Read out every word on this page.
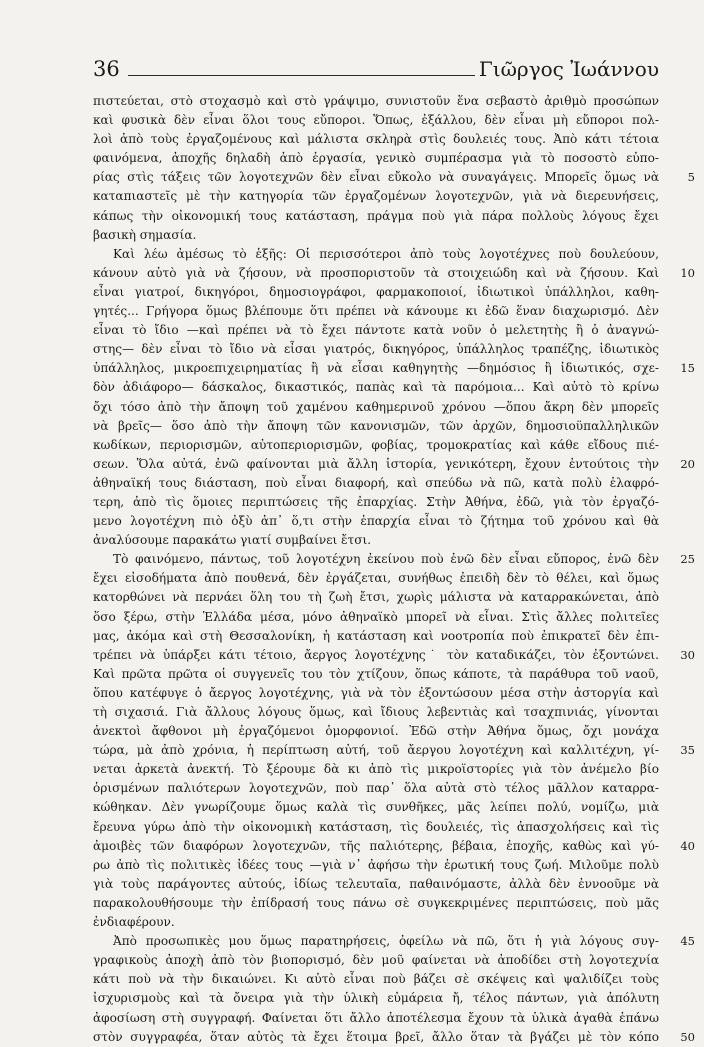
36	Γιῶργος Ἰωάννου
πιστεύεται, στὸ στοχασμὸ καὶ στὸ γράψιμο, συνιστοῦν ἕνα σεβαστὸ ἀριθμὸ προσώπων
καὶ φυσικὰ δὲν εἶναι ὅλοι τους εὔποροι. Ὅπως, ἐξάλλου, δὲν εἶναι μὴ εὔποροι πολ-
λοὶ ἀπὸ τοὺς ἐργαζομένους καὶ μάλιστα σκληρὰ στὶς δουλειές τους. Ἀπὸ κάτι τέτοια
φαινόμενα, ἀποχῆς δηλαδὴ ἀπὸ ἐργασία, γενικὸ συμπέρασμα γιὰ τὸ ποσοστὸ εὐπο-
ρίας στὶς τάξεις τῶν λογοτεχνῶν δὲν εἶναι εὔκολο νὰ συναγάγεις. Μπορεῖς ὅμως νὰ	5
καταπιαστεῖς μὲ τὴν κατηγορία τῶν ἐργαζομένων λογοτεχνῶν, γιὰ νὰ διερευνήσεις,
κάπως τὴν οἰκονομική τους κατάσταση, πράγμα ποὺ γιὰ πάρα πολλοὺς λόγους ἔχει
βασικὴ σημασία.
Καὶ λέω ἀμέσως τὸ ἑξῆς: Οἱ περισσότεροι ἀπὸ τοὺς λογοτέχνες ποὺ δουλεύουν,
κάνουν αὐτὸ γιὰ νὰ ζήσουν, νὰ προσποριστοῦν τὰ στοιχειώδη καὶ νὰ ζήσουν. Καὶ	10
εἶναι γιατροί, δικηγόροι, δημοσιογράφοι, φαρμακοποιοί, ἰδιωτικοὶ ὑπάλληλοι, καθη-
γητές... Γρήγορα ὅμως βλέπουμε ὅτι πρέπει νὰ κάνουμε κι ἐδῶ ἕναν διαχωρισμό. Δὲν
εἶναι τὸ ἴδιο —καὶ πρέπει νὰ τὸ ἔχει πάντοτε κατὰ νοῦν ὁ μελετητὴς ἢ ὁ ἀναγνώ-
στης— δὲν εἶναι τὸ ἴδιο νὰ εἶσαι γιατρός, δικηγόρος, ὑπάλληλος τραπέζης, ἰδιωτικὸς
ὑπάλληλος, μικροεπιχειρηματίας ἢ νὰ εἶσαι καθηγητὴς —δημόσιος ἢ ἰδιωτικός, σχε-	15
δὸν ἀδιάφορο— δάσκαλος, δικαστικός, παπὰς καὶ τὰ παρόμοια... Καὶ αὐτὸ τὸ κρίνω
ὄχι τόσο ἀπὸ τὴν ἄποψη τοῦ χαμένου καθημερινοῦ χρόνου —ὅπου ἄκρη δὲν μπορεῖς
νὰ βρεῖς— ὅσο ἀπὸ τὴν ἄποψη τῶν κανονισμῶν, τῶν ἀρχῶν, δημοσιοϋπαλληλικῶν
κωδίκων, περιορισμῶν, αὐτοπεριορισμῶν, φοβίας, τρομοκρατίας καὶ κάθε εἴδους πιέ-
σεων. Ὅλα αὐτά, ἐνῶ φαίνονται μιὰ ἄλλη ἱστορία, γενικότερη, ἔχουν ἐντούτοις τὴν	20
ἀθηναϊκή τους διάσταση, ποὺ εἶναι διαφορή, καὶ σπεύδω νὰ πῶ, κατὰ πολὺ ἐλαφρό-
τερη, ἀπὸ τὶς ὅμοιες περιπτώσεις τῆς ἐπαρχίας. Στὴν Ἀθήνα, ἐδῶ, γιὰ τὸν ἐργαζό-
μενο λογοτέχνη πιὸ ὀξὺ ἀπ᾽ ὅ,τι στὴν ἐπαρχία εἶναι τὸ ζήτημα τοῦ χρόνου καὶ θὰ
ἀναλύσουμε παρακάτω γιατί συμβαίνει ἔτσι.
Τὸ φαινόμενο, πάντως, τοῦ λογοτέχνη ἐκείνου ποὺ ἐνῶ δὲν εἶναι εὔπορος, ἐνῶ δὲν	25
ἔχει εἰσοδήματα ἀπὸ πουθενά, δὲν ἐργάζεται, συνήθως ἐπειδὴ δὲν τὸ θέλει, καὶ ὅμως
κατορθώνει νὰ περνάει ὅλη του τὴ ζωὴ ἔτσι, χωρὶς μάλιστα νὰ καταρρακώνεται, ἀπὸ
ὅσο ξέρω, στὴν Ἑλλάδα μέσα, μόνο ἀθηναϊκὸ μπορεῖ νὰ εἶναι. Στὶς ἄλλες πολιτεῖες
μας, ἀκόμα καὶ στὴ Θεσσαλονίκη, ἡ κατάσταση καὶ νοοτροπία ποὺ ἐπικρατεῖ δὲν ἐπι-
τρέπει νὰ ὑπάρξει κάτι τέτοιο, ἄεργος λογοτέχνης˙ τὸν καταδικάζει, τὸν ἐξοντώνει.	30
Καὶ πρῶτα πρῶτα οἱ συγγενεῖς του τὸν χτίζουν, ὅπως κάποτε, τὰ παράθυρα τοῦ ναοῦ,
ὅπου κατέφυγε ὁ ἄεργος λογοτέχνης, γιὰ νὰ τὸν ἐξοντώσουν μέσα στὴν ἀστοργία καὶ
τὴ σιχασιά. Γιὰ ἄλλους λόγους ὅμως, καὶ ἴδιους λεβεντιὰς καὶ τσαχπινιάς, γίνονται
ἀνεκτοὶ ἄφθονοι μὴ ἐργαζόμενοι ὁμορφονιοί. Ἐδῶ στὴν Ἀθήνα ὅμως, ὄχι μονάχα
τώρα, μὰ ἀπὸ χρόνια, ἡ περίπτωση αὐτή, τοῦ ἄεργου λογοτέχνη καὶ καλλιτέχνη, γί-	35
νεται ἀρκετὰ ἀνεκτή. Τὸ ξέρουμε δὰ κι ἀπὸ τὶς μικροϊστορίες γιὰ τὸν ἀνέμελο βίο
ὁρισμένων παλιότερων λογοτεχνῶν, ποὺ παρ᾽ ὅλα αὐτὰ στὸ τέλος μᾶλλον καταρρα-
κώθηκαν. Δὲν γνωρίζουμε ὅμως καλὰ τὶς συνθῆκες, μᾶς λείπει πολύ, νομίζω, μιὰ
ἔρευνα γύρω ἀπὸ τὴν οἰκονομικὴ κατάσταση, τὶς δουλειές, τὶς ἀπασχολήσεις καὶ τὶς
ἀμοιβὲς τῶν διαφόρων λογοτεχνῶν, τῆς παλιότερης, βέβαια, ἐποχῆς, καθὼς καὶ γύ-	40
ρω ἀπὸ τὶς πολιτικὲς ἰδέες τους —γιὰ ν᾽ ἀφήσω τὴν ἐρωτική τους ζωή. Μιλοῦμε πολὺ
γιὰ τοὺς παράγοντες αὐτούς, ἰδίως τελευταῖα, παθαινόμαστε, ἀλλὰ δὲν ἐννοοῦμε νὰ
παρακολουθήσουμε τὴν ἐπίδρασή τους πάνω σὲ συγκεκριμένες περιπτώσεις, ποὺ μᾶς
ἐνδιαφέρουν.
Ἀπὸ προσωπικὲς μου ὅμως παρατηρήσεις, ὀφείλω νὰ πῶ, ὅτι ἡ γιὰ λόγους συγ-	45
γραφικοὺς ἀποχὴ ἀπὸ τὸν βιοπορισμό, δὲν μοῦ φαίνεται νὰ ἀποδίδει στὴ λογοτεχνία
κάτι ποὺ νὰ τὴν δικαιώνει. Κι αὐτὸ εἶναι ποὺ βάζει σὲ σκέψεις καὶ ψαλιδίζει τοὺς
ἰσχυρισμοὺς καὶ τὰ ὄνειρα γιὰ τὴν ὑλικὴ εὐμάρεια ἤ, τέλος πάντων, γιὰ ἀπόλυτη
ἀφοσίωση στὴ συγγραφή. Φαίνεται ὅτι ἄλλο ἀποτέλεσμα ἔχουν τὰ ὑλικὰ ἀγαθὰ ἐπάνω
στὸν συγγραφέα, ὅταν αὐτὸς τὰ ἔχει ἕτοιμα βρεῖ, ἄλλο ὅταν τὰ βγάζει μὲ τὸν κόπο	50
